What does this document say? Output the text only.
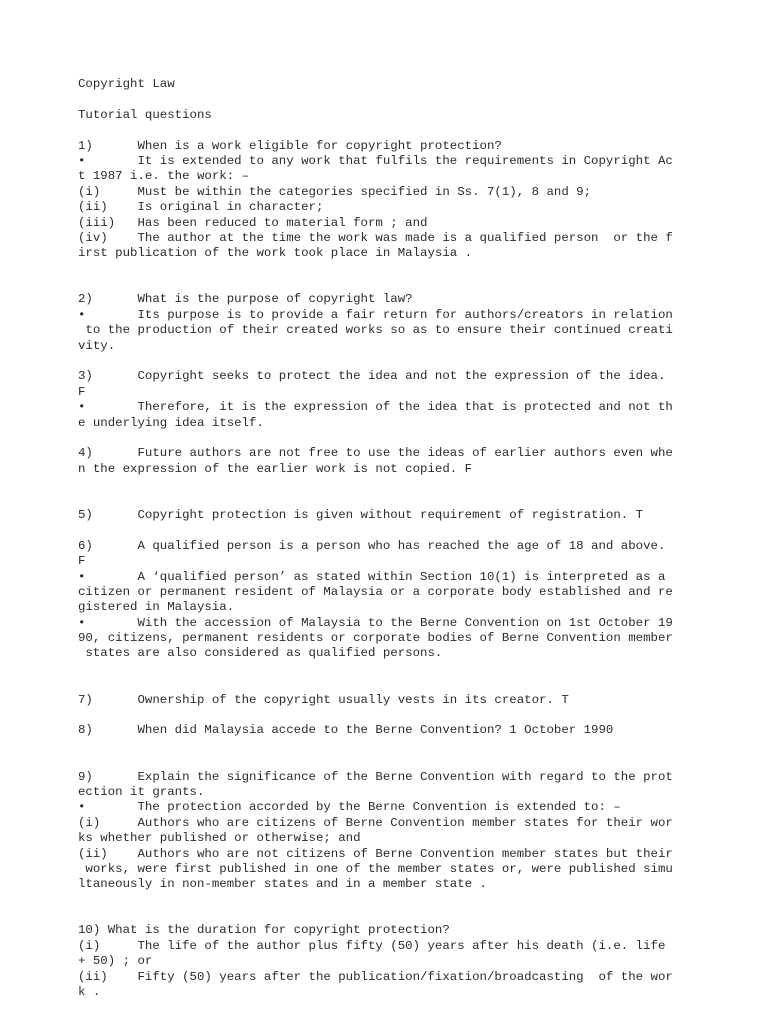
Copyright Law
Tutorial questions
1)      When is a work eligible for copyright protection?
•       It is extended to any work that fulfils the requirements in Copyright Ac
t 1987 i.e. the work: –
(i)     Must be within the categories specified in Ss. 7(1), 8 and 9;
(ii)    Is original in character;
(iii)   Has been reduced to material form ; and
(iv)    The author at the time the work was made is a qualified person  or the f
irst publication of the work took place in Malaysia .
2)      What is the purpose of copyright law?
•       Its purpose is to provide a fair return for authors/creators in relation
to the production of their created works so as to ensure their continued creati
vity.
3)      Copyright seeks to protect the idea and not the expression of the idea.
F
•       Therefore, it is the expression of the idea that is protected and not th
e underlying idea itself.
4)      Future authors are not free to use the ideas of earlier authors even whe
n the expression of the earlier work is not copied. F
5)      Copyright protection is given without requirement of registration. T
6)      A qualified person is a person who has reached the age of 18 and above.
F
•       A ‘qualified person’ as stated within Section 10(1) is interpreted as a
citizen or permanent resident of Malaysia or a corporate body established and re
gistered in Malaysia.
•       With the accession of Malaysia to the Berne Convention on 1st October 19
90, citizens, permanent residents or corporate bodies of Berne Convention member
states are also considered as qualified persons.
7)      Ownership of the copyright usually vests in its creator. T
8)      When did Malaysia accede to the Berne Convention? 1 October 1990
9)      Explain the significance of the Berne Convention with regard to the prot
ection it grants.
•       The protection accorded by the Berne Convention is extended to: –
(i)     Authors who are citizens of Berne Convention member states for their wor
ks whether published or otherwise; and
(ii)    Authors who are not citizens of Berne Convention member states but their
works, were first published in one of the member states or, were published simu
ltaneously in non-member states and in a member state .
10) What is the duration for copyright protection?
(i)     The life of the author plus fifty (50) years after his death (i.e. life
+ 50) ; or
(ii)    Fifty (50) years after the publication/fixation/broadcasting  of the wor
k .
